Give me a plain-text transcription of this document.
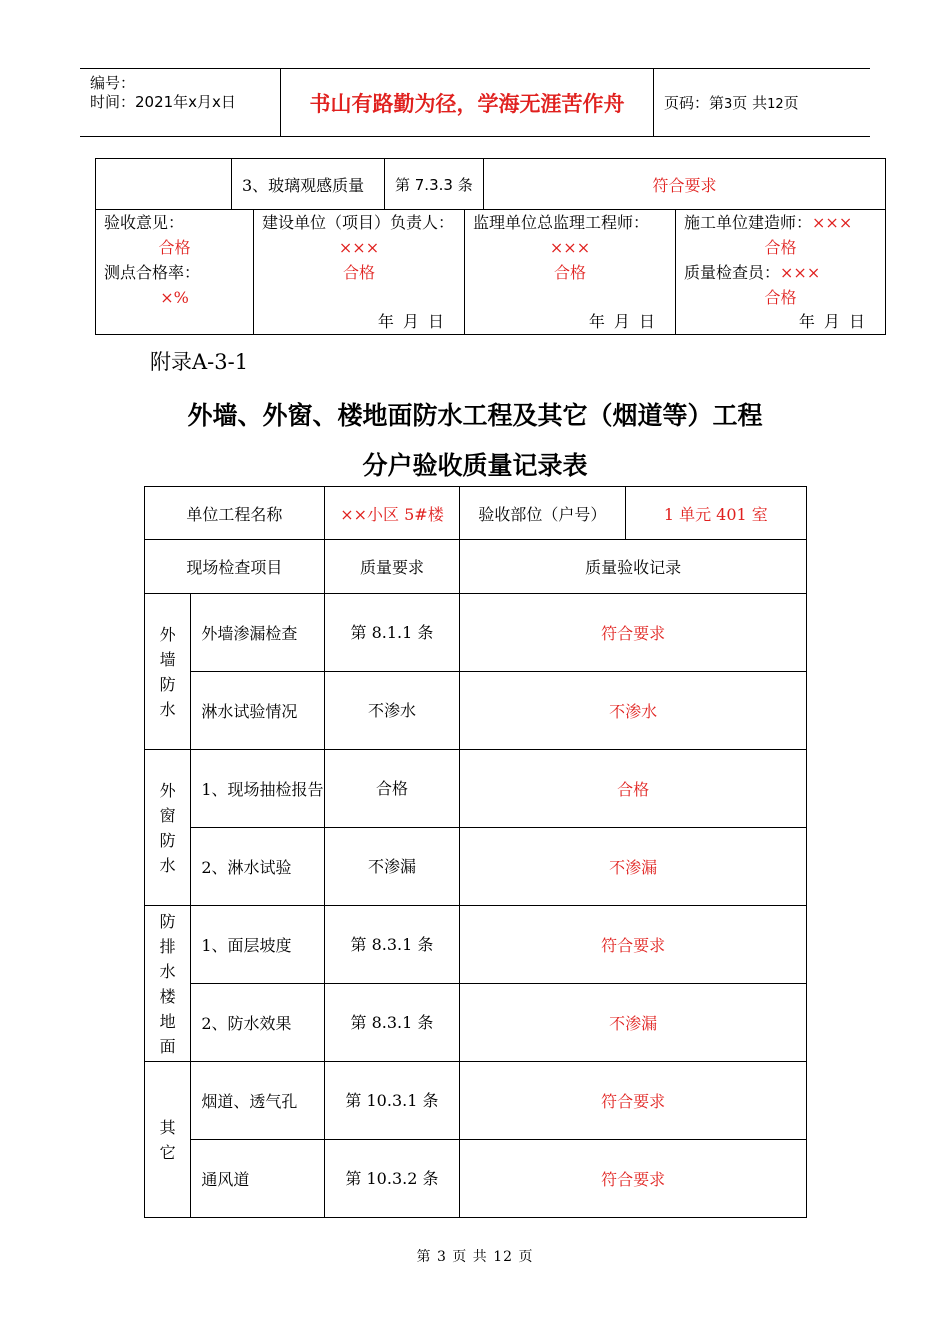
编号：
时间：2021年x月x日	书山有路勤为径，学海无涯苦作舟	页码：第3页 共12页
	3、玻璃观感质量	第 7.3.3 条	符合要求
验收意见：
合格
测点合格率：
×%

建设单位（项目）负责人：
×××
合格
年 月 日

监理单位总监理工程师：
×××
合格
年 月 日

施工单位建造师：×××
合格
质量检查员：×××
合格
年 月 日
附录A-3-1
外墙、外窗、楼地面防水工程及其它（烟道等）工程
分户验收质量记录表
单位工程名称		××小区 5#楼	验收部位（户号）	1 单元 401 室
现场检查项目		质量要求	质量验收记录	
外墙防水	外墙渗漏检查	第 8.1.1 条	符合要求	
	淋水试验情况	不渗水	不渗水	
外窗防水	1、现场抽检报告	合格	合格	
	2、淋水试验	不渗漏	不渗漏	
防排水楼地面	1、面层坡度	第 8.3.1 条	符合要求	
	2、防水效果	第 8.3.1 条	不渗漏	
其它	烟道、透气孔	第 10.3.1 条	符合要求	
	通风道	第 10.3.2 条	符合要求	
第 3 页 共 12 页
